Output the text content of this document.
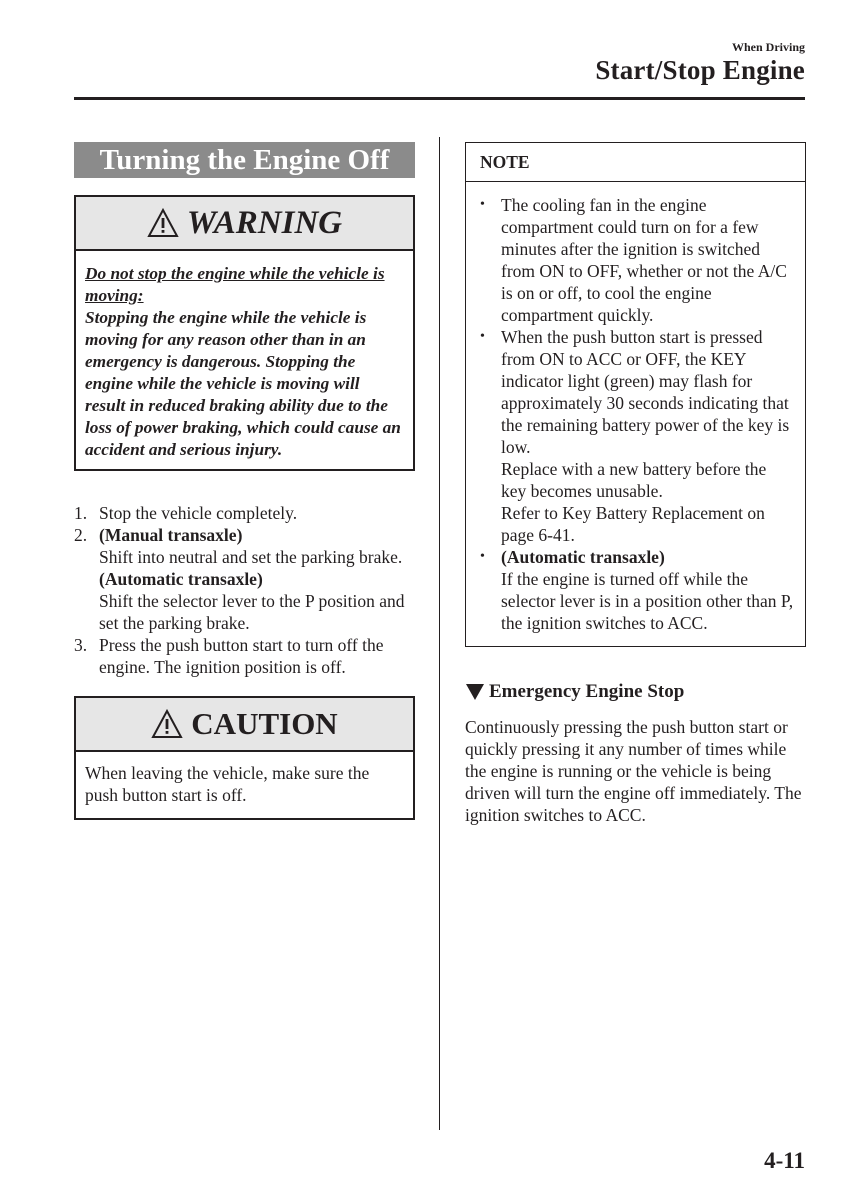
When Driving
Start/Stop Engine
Turning the Engine Off
WARNING
Do not stop the engine while the vehicle is moving:
Stopping the engine while the vehicle is moving for any reason other than in an emergency is dangerous. Stopping the engine while the vehicle is moving will result in reduced braking ability due to the loss of power braking, which could cause an accident and serious injury.
1. Stop the vehicle completely.
2. (Manual transaxle)
Shift into neutral and set the parking brake.
(Automatic transaxle)
Shift the selector lever to the P position and set the parking brake.
3. Press the push button start to turn off the engine. The ignition position is off.
CAUTION
When leaving the vehicle, make sure the push button start is off.
NOTE
• The cooling fan in the engine compartment could turn on for a few minutes after the ignition is switched from ON to OFF, whether or not the A/C is on or off, to cool the engine compartment quickly.
• When the push button start is pressed from ON to ACC or OFF, the KEY indicator light (green) may flash for approximately 30 seconds indicating that the remaining battery power of the key is low.
Replace with a new battery before the key becomes unusable.
Refer to Key Battery Replacement on page 6-41.
• (Automatic transaxle)
If the engine is turned off while the selector lever is in a position other than P, the ignition switches to ACC.
Emergency Engine Stop
Continuously pressing the push button start or quickly pressing it any number of times while the engine is running or the vehicle is being driven will turn the engine off immediately. The ignition switches to ACC.
4-11
